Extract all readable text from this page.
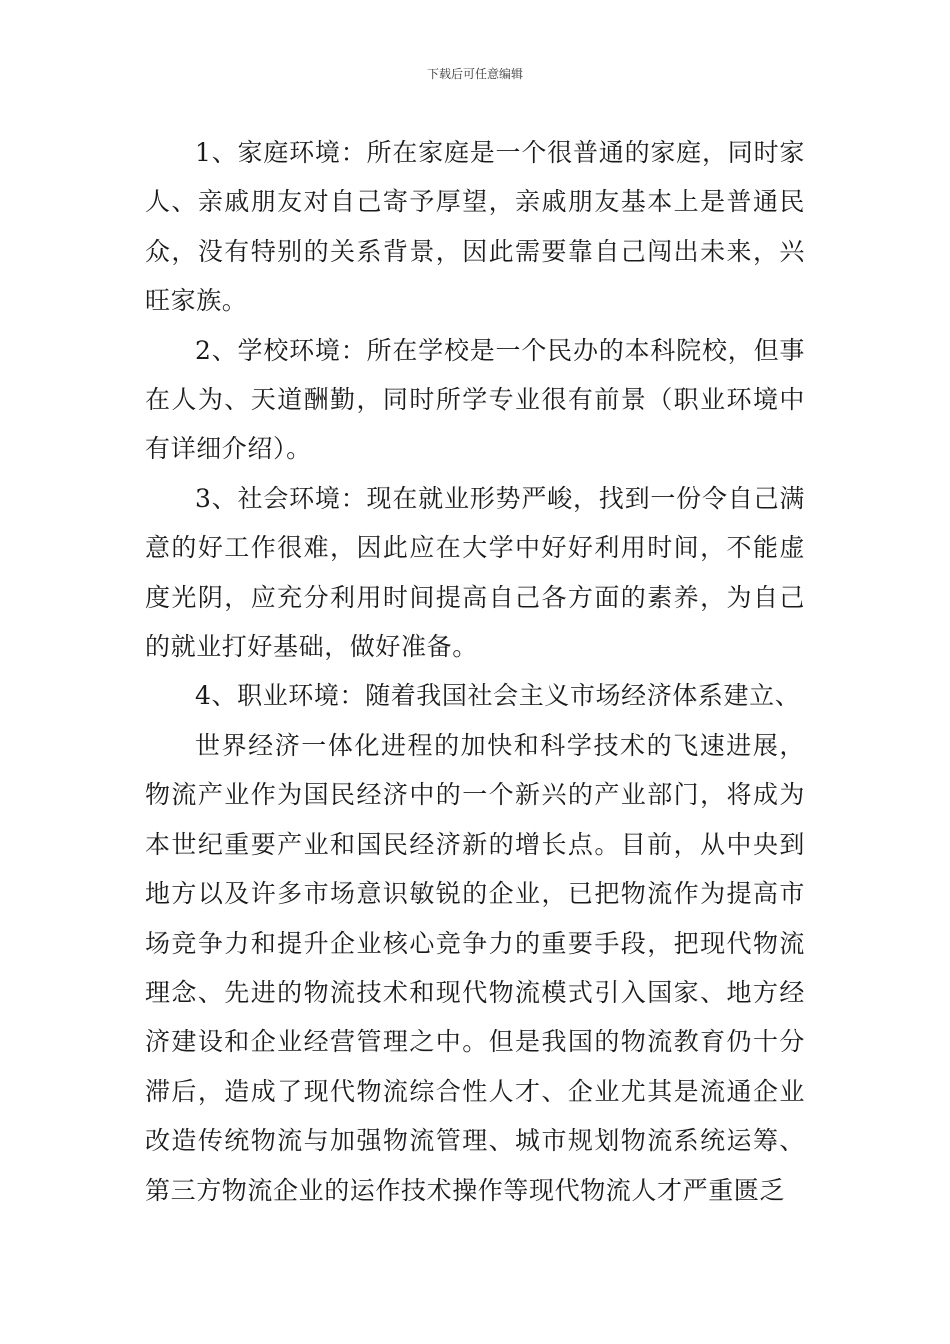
下载后可任意编辑

1、家庭环境：所在家庭是一个很普通的家庭，同时家人、亲戚朋友对自己寄予厚望，亲戚朋友基本上是普通民众，没有特别的关系背景，因此需要靠自己闯出未来，兴旺家族。

2、学校环境：所在学校是一个民办的本科院校，但事在人为、天道酬勤，同时所学专业很有前景（职业环境中有详细介绍）。

3、社会环境：现在就业形势严峻，找到一份令自己满意的好工作很难，因此应在大学中好好利用时间，不能虚度光阴，应充分利用时间提高自己各方面的素养，为自己的就业打好基础，做好准备。

4、职业环境：随着我国社会主义市场经济体系建立、

世界经济一体化进程的加快和科学技术的飞速进展，物流产业作为国民经济中的一个新兴的产业部门，将成为本世纪重要产业和国民经济新的增长点。目前，从中央到地方以及许多市场意识敏锐的企业，已把物流作为提高市场竞争力和提升企业核心竞争力的重要手段，把现代物流理念、先进的物流技术和现代物流模式引入国家、地方经济建设和企业经营管理之中。但是我国的物流教育仍十分滞后，造成了现代物流综合性人才、企业尤其是流通企业改造传统物流与加强物流管理、城市规划物流系统运筹、第三方物流企业的运作技术操作等现代物流人才严重匮乏
